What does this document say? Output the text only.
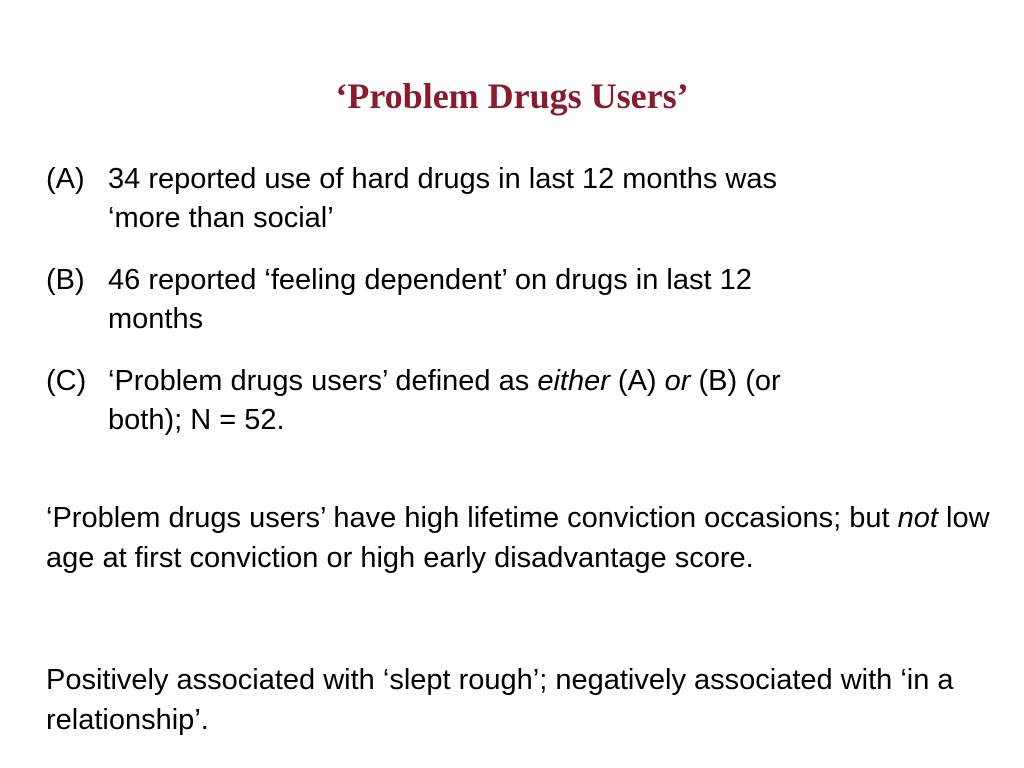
‘Problem Drugs Users’
(A) 34 reported use of hard drugs in last 12 months was ‘more than social’
(B) 46 reported ‘feeling dependent’ on drugs in last 12 months
(C) ‘Problem drugs users’ defined as either (A) or (B) (or both); N = 52.
‘Problem drugs users’ have high lifetime conviction occasions; but not low age at first conviction or high early disadvantage score.
Positively associated with ‘slept rough’; negatively associated with ‘in a relationship’.
